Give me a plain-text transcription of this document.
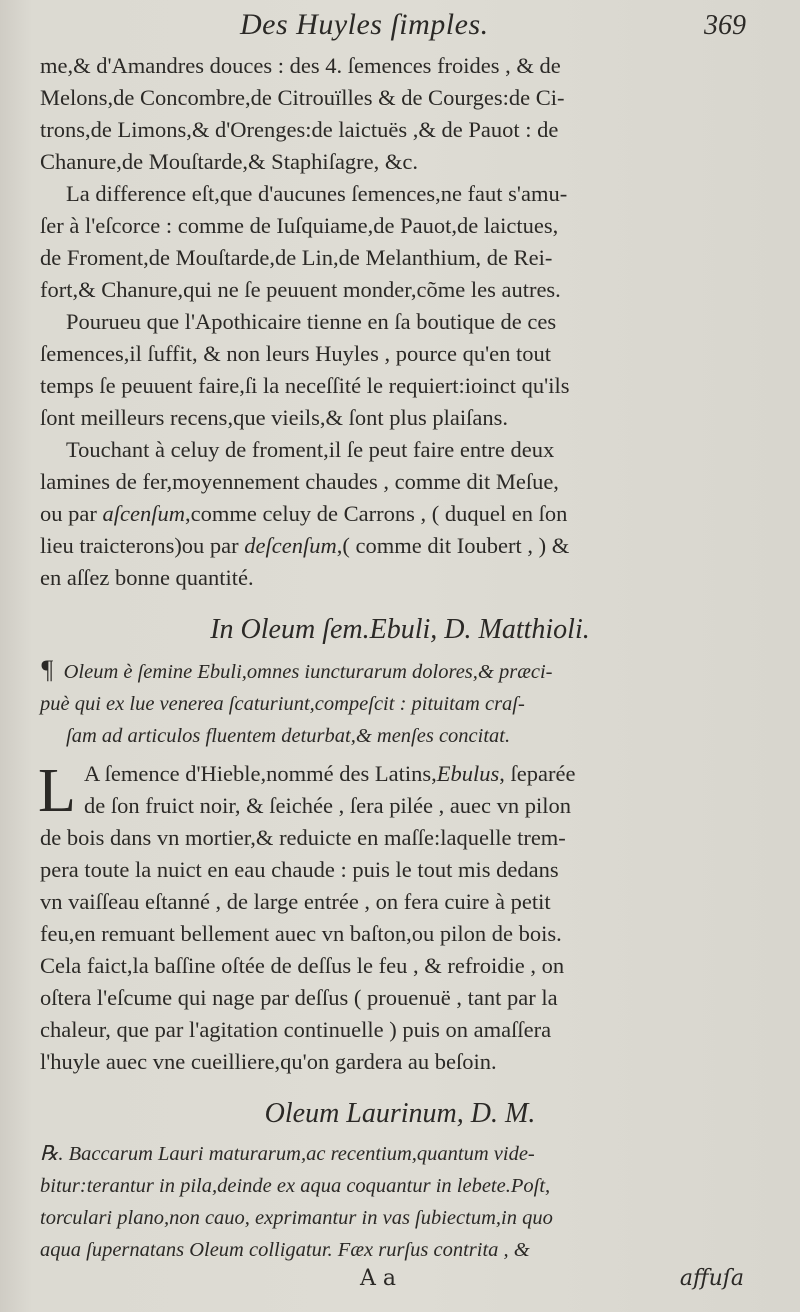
Des Huyles ſimples.	369

me,& d'Amandres douces : des 4. ſemences froides , & de
Melons,de Concombre,de Citrouïlles & de Courges:de Ci-
trons,de Limons,& d'Orenges:de laictuës ,& de Pauot : de
Chanure,de Mouſtarde,& Staphiſagre, &c.

La difference eſt,que d'aucunes ſemences,ne faut s'amu-
ſer à l'eſcorce : comme de Iuſquiame,de Pauot,de laictues,
de Froment,de Mouſtarde,de Lin,de Melanthium, de Rei-
fort,& Chanure,qui ne ſe peuuent monder,cõme les autres.

Pourueu que l'Apothicaire tienne en ſa boutique de ces
ſemences,il ſuffit, & non leurs Huyles , pource qu'en tout
temps ſe peuuent faire,ſi la neceſſité le requiert:ioinct qu'ils
ſont meilleurs recens,que vieils,& ſont plus plaiſans.

Touchant à celuy de froment,il ſe peut faire entre deux
lamines de fer,moyennement chaudes , comme dit Meſue,
ou par aſcenſum,comme celuy de Carrons , ( duquel en ſon
lieu traicterons)ou par deſcenſum,( comme dit Ioubert , ) &
en aſſez bonne quantité.

In Oleum ſem.Ebuli, D. Matthioli.

¶ Oleum è ſemine Ebuli,omnes iuncturarum dolores,& præci-
puè qui ex lue venerea ſcaturiunt,compeſcit : pituitam craſ-
ſam ad articulos fluentem deturbat,& menſes concitat.

L A ſemence d'Hieble,nommé des Latins,Ebulus, ſeparée
de ſon fruict noir, & ſeichée , ſera pilée , auec vn pilon
de bois dans vn mortier,& reduicte en maſſe:laquelle trem-
pera toute la nuict en eau chaude : puis le tout mis dedans
vn vaiſſeau eſtanné , de large entrée , on fera cuire à petit
feu,en remuant bellement auec vn baſton,ou pilon de bois.
Cela faict,la baſſine oſtée de deſſus le feu , & refroidie , on
oſtera l'eſcume qui nage par deſſus ( prouenuë , tant par la
chaleur, que par l'agitation continuelle ) puis on amaſſera
l'huyle auec vne cueilliere,qu'on gardera au beſoin.

Oleum Laurinum, D. M.

℞. Baccarum Lauri maturarum,ac recentium,quantum vide-
bitur:terantur in pila,deinde ex aqua coquantur in lebete.Poſt,
torculari plano,non cauo, exprimantur in vas ſubiectum,in quo
aqua ſupernatans Oleum colligatur. Fæx rurſus contrita , &

A a	affuſa
